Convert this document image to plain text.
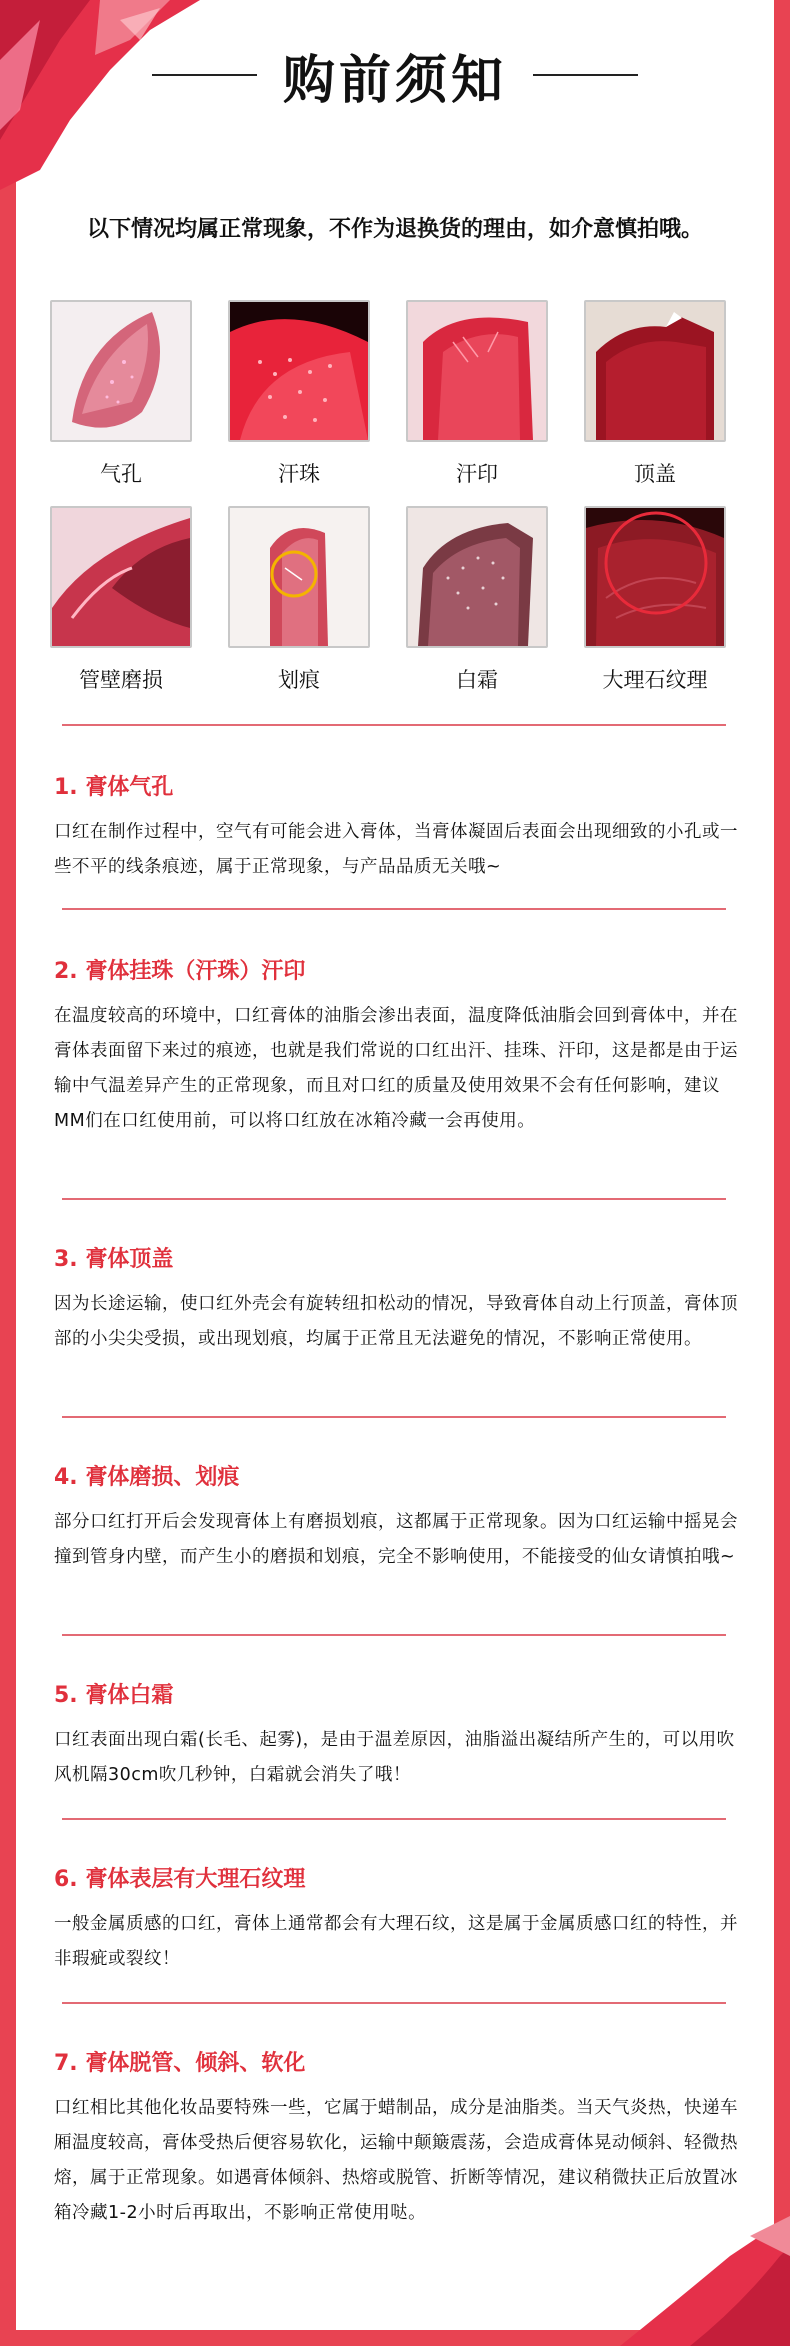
购前须知
以下情况均属正常现象，不作为退换货的理由，如介意慎拍哦。
气孔	汗珠	汗印	顶盖
管壁磨损	划痕	白霜	大理石纹理
1. 膏体气孔

口红在制作过程中，空气有可能会进入膏体，当膏体凝固后表面会出现细致的小孔或一些不平的线条痕迹，属于正常现象，与产品品质无关哦~

2. 膏体挂珠（汗珠）汗印

在温度较高的环境中，口红膏体的油脂会渗出表面，温度降低油脂会回到膏体中，并在膏体表面留下来过的痕迹，也就是我们常说的口红出汗、挂珠、汗印，这是都是由于运输中气温差异产生的正常现象，而且对口红的质量及使用效果不会有任何影响，建议MM们在口红使用前，可以将口红放在冰箱冷藏一会再使用。

3. 膏体顶盖

因为长途运输，使口红外壳会有旋转纽扣松动的情况，导致膏体自动上行顶盖，膏体顶部的小尖尖受损，或出现划痕，均属于正常且无法避免的情况，不影响正常使用。

4. 膏体磨损、划痕

部分口红打开后会发现膏体上有磨损划痕，这都属于正常现象。因为口红运输中摇晃会撞到管身内壁，而产生小的磨损和划痕，完全不影响使用，不能接受的仙女请慎拍哦~

5. 膏体白霜

口红表面出现白霜(长毛、起雾)，是由于温差原因，油脂溢出凝结所产生的，可以用吹风机隔30cm吹几秒钟，白霜就会消失了哦！

6. 膏体表层有大理石纹理

一般金属质感的口红，膏体上通常都会有大理石纹，这是属于金属质感口红的特性，并非瑕疵或裂纹！

7. 膏体脱管、倾斜、软化

口红相比其他化妆品要特殊一些，它属于蜡制品，成分是油脂类。当天气炎热，快递车厢温度较高，膏体受热后便容易软化，运输中颠簸震荡，会造成膏体晃动倾斜、轻微热熔，属于正常现象。如遇膏体倾斜、热熔或脱管、折断等情况，建议稍微扶正后放置冰箱冷藏1-2小时后再取出，不影响正常使用哒。
